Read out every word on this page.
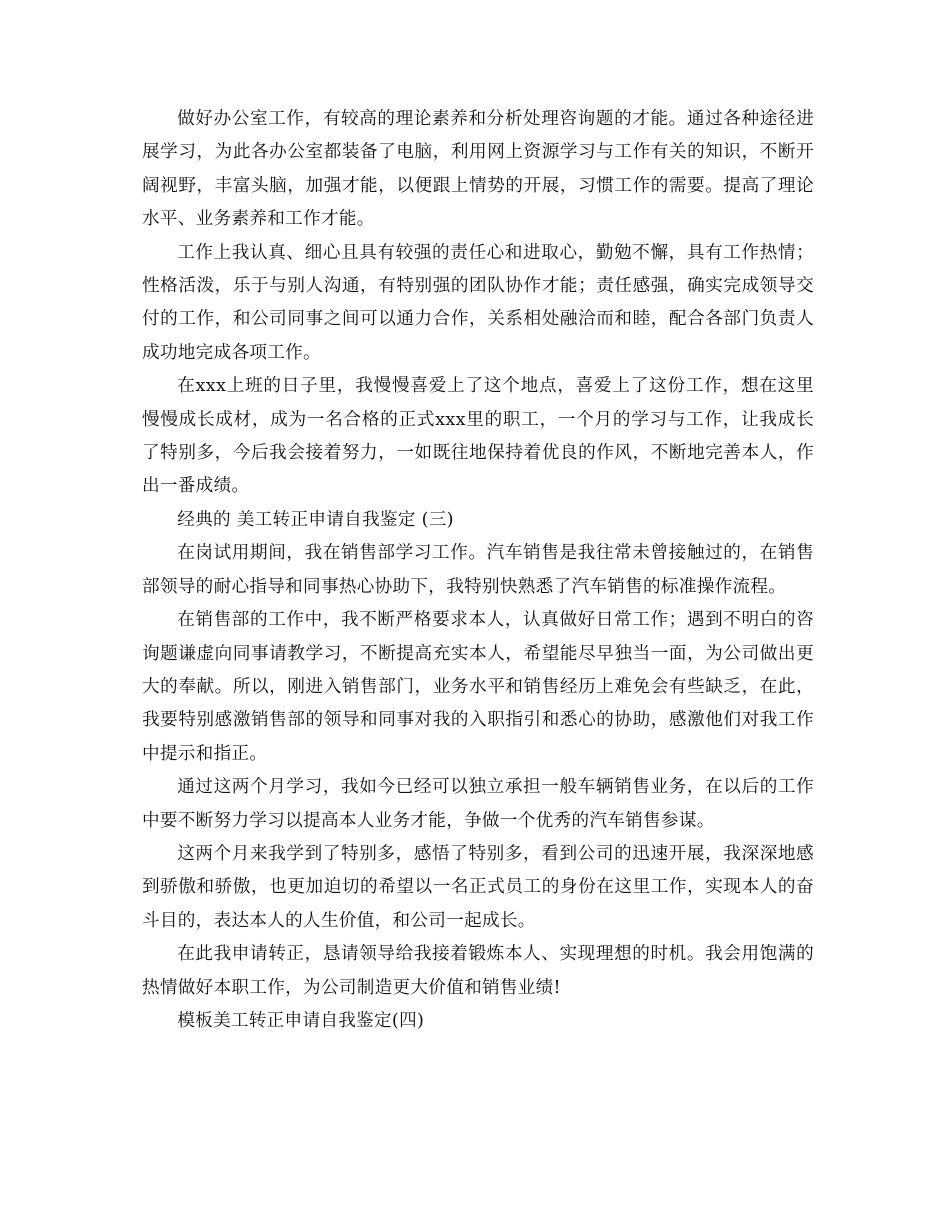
做好办公室工作，有较高的理论素养和分析处理咨询题的才能。通过各种途径进展学习，为此各办公室都装备了电脑，利用网上资源学习与工作有关的知识，不断开阔视野，丰富头脑，加强才能，以便跟上情势的开展，习惯工作的需要。提高了理论水平、业务素养和工作才能。

工作上我认真、细心且具有较强的责任心和进取心，勤勉不懈，具有工作热情；性格活泼，乐于与别人沟通，有特别强的团队协作才能；责任感强，确实完成领导交付的工作，和公司同事之间可以通力合作，关系相处融洽而和睦，配合各部门负责人成功地完成各项工作。

在xxx上班的日子里，我慢慢喜爱上了这个地点，喜爱上了这份工作，想在这里慢慢成长成材，成为一名合格的正式xxx里的职工，一个月的学习与工作，让我成长了特别多，今后我会接着努力，一如既往地保持着优良的作风，不断地完善本人，作出一番成绩。

经典的 美工转正申请自我鉴定 (三)

在岗试用期间，我在销售部学习工作。汽车销售是我往常未曾接触过的，在销售部领导的耐心指导和同事热心协助下，我特别快熟悉了汽车销售的标准操作流程。

在销售部的工作中，我不断严格要求本人，认真做好日常工作；遇到不明白的咨询题谦虚向同事请教学习，不断提高充实本人，希望能尽早独当一面，为公司做出更大的奉献。所以，刚进入销售部门，业务水平和销售经历上难免会有些缺乏，在此，我要特别感激销售部的领导和同事对我的入职指引和悉心的协助，感激他们对我工作中提示和指正。

通过这两个月学习，我如今已经可以独立承担一般车辆销售业务，在以后的工作中要不断努力学习以提高本人业务才能，争做一个优秀的汽车销售参谋。

这两个月来我学到了特别多，感悟了特别多，看到公司的迅速开展，我深深地感到骄傲和骄傲，也更加迫切的希望以一名正式员工的身份在这里工作，实现本人的奋斗目的，表达本人的人生价值，和公司一起成长。

在此我申请转正，恳请领导给我接着锻炼本人、实现理想的时机。我会用饱满的热情做好本职工作，为公司制造更大价值和销售业绩!

模板美工转正申请自我鉴定(四)
